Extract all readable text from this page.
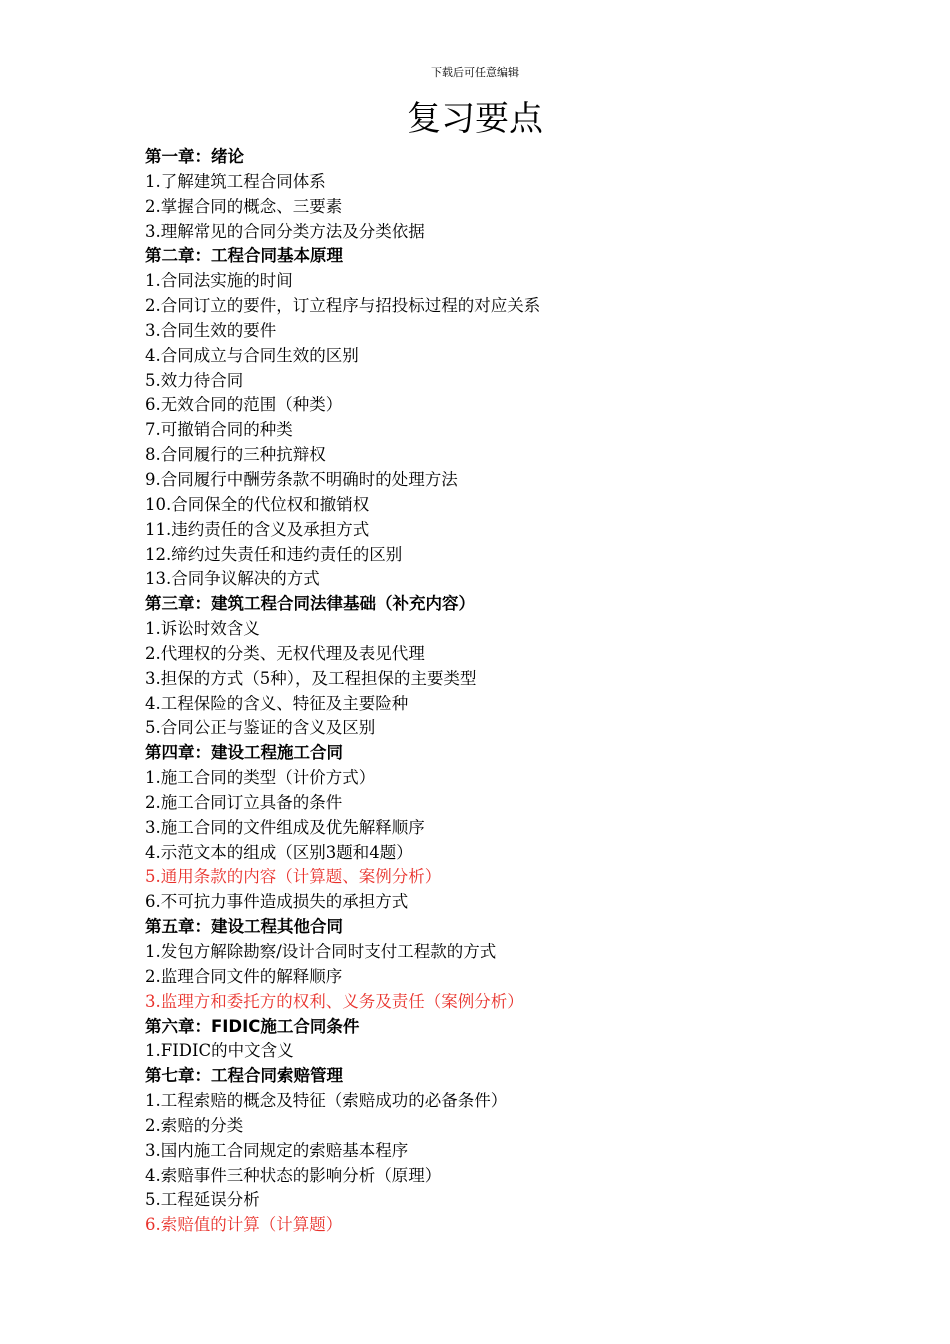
下载后可任意编辑
复习要点
第一章：绪论
1.了解建筑工程合同体系
2.掌握合同的概念、三要素
3.理解常见的合同分类方法及分类依据
第二章：工程合同基本原理
1.合同法实施的时间
2.合同订立的要件，订立程序与招投标过程的对应关系
3.合同生效的要件
4.合同成立与合同生效的区别
5.效力待合同
6.无效合同的范围（种类）
7.可撤销合同的种类
8.合同履行的三种抗辩权
9.合同履行中酬劳条款不明确时的处理方法
10.合同保全的代位权和撤销权
11.违约责任的含义及承担方式
12.缔约过失责任和违约责任的区别
13.合同争议解决的方式
第三章：建筑工程合同法律基础（补充内容）
1.诉讼时效含义
2.代理权的分类、无权代理及表见代理
3.担保的方式（5种），及工程担保的主要类型
4.工程保险的含义、特征及主要险种
5.合同公正与鉴证的含义及区别
第四章：建设工程施工合同
1.施工合同的类型（计价方式）
2.施工合同订立具备的条件
3.施工合同的文件组成及优先解释顺序
4.示范文本的组成（区别3题和4题）
5.通用条款的内容（计算题、案例分析）
6.不可抗力事件造成损失的承担方式
第五章：建设工程其他合同
1.发包方解除勘察/设计合同时支付工程款的方式
2.监理合同文件的解释顺序
3.监理方和委托方的权利、义务及责任（案例分析）
第六章：FIDIC施工合同条件
1.FIDIC的中文含义
第七章：工程合同索赔管理
1.工程索赔的概念及特征（索赔成功的必备条件）
2.索赔的分类
3.国内施工合同规定的索赔基本程序
4.索赔事件三种状态的影响分析（原理）
5.工程延误分析
6.索赔值的计算（计算题）
